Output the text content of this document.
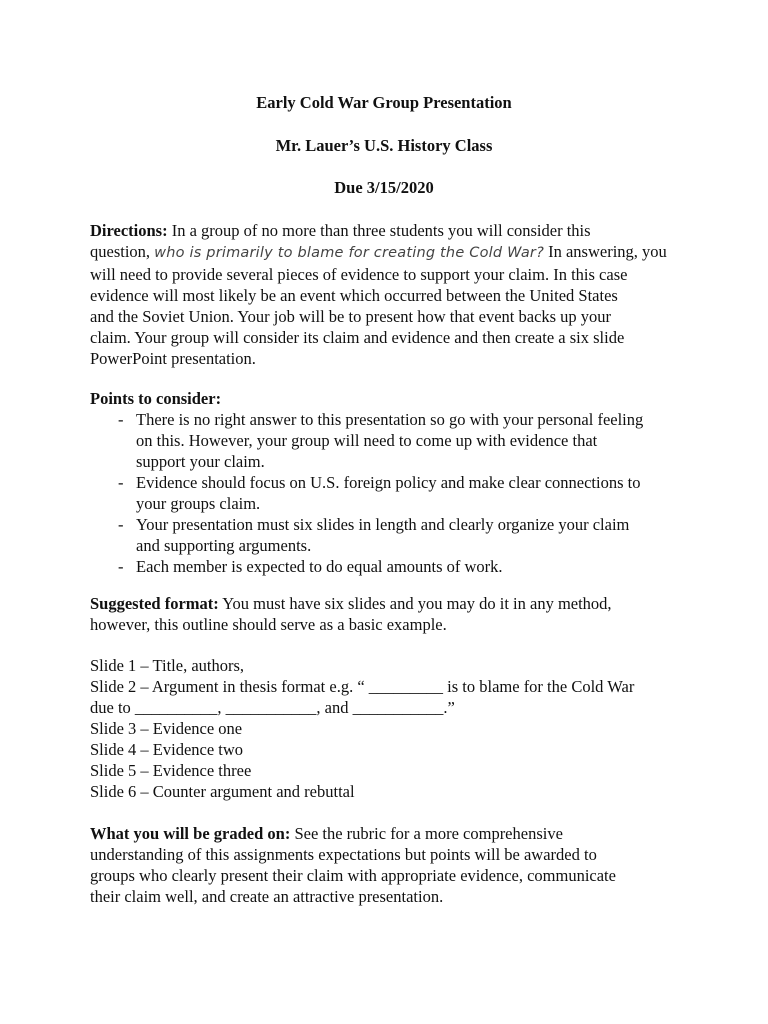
Early Cold War Group Presentation
Mr. Lauer’s U.S. History Class
Due 3/15/2020
Directions: In a group of no more than three students you will consider this
question, who is primarily to blame for creating the Cold War? In answering, you
will need to provide several pieces of evidence to support your claim. In this case
evidence will most likely be an event which occurred between the United States
and the Soviet Union. Your job will be to present how that event backs up your
claim. Your group will consider its claim and evidence and then create a six slide
PowerPoint presentation.
Points to consider:
- There is no right answer to this presentation so go with your personal feeling
on this. However, your group will need to come up with evidence that
support your claim.
- Evidence should focus on U.S. foreign policy and make clear connections to
your groups claim.
- Your presentation must six slides in length and clearly organize your claim
and supporting arguments.
- Each member is expected to do equal amounts of work.
Suggested format: You must have six slides and you may do it in any method,
however, this outline should serve as a basic example.
Slide 1 – Title, authors,
Slide 2 – Argument in thesis format e.g. “ _________ is to blame for the Cold War
due to __________, ___________, and ___________.”
Slide 3 – Evidence one
Slide 4 – Evidence two
Slide 5 – Evidence three
Slide 6 – Counter argument and rebuttal
What you will be graded on: See the rubric for a more comprehensive
understanding of this assignments expectations but points will be awarded to
groups who clearly present their claim with appropriate evidence, communicate
their claim well, and create an attractive presentation.
